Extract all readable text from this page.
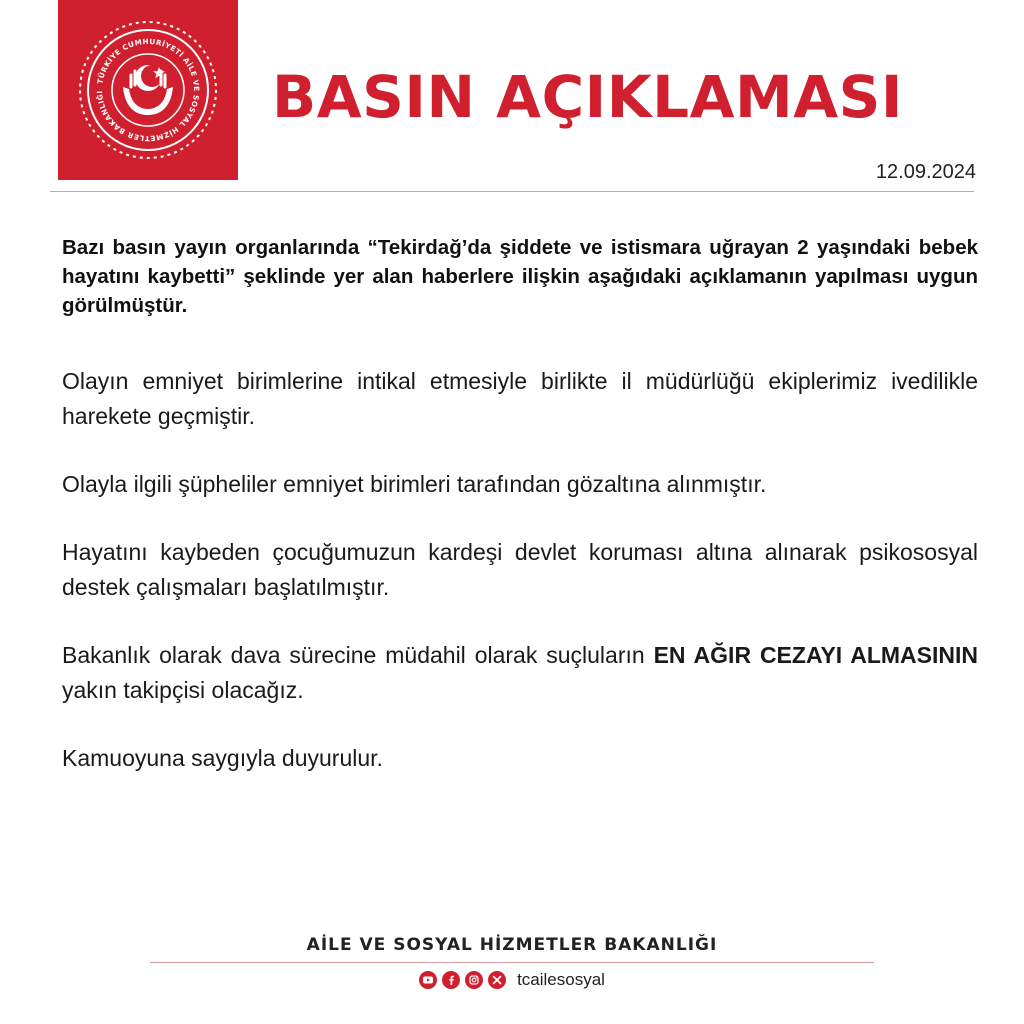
TÜRKİYE CUMHURİYETİ AİLE VE SOSYAL HİZMETLER BAKANLIĞI	BASIN AÇIKLAMASI
12.09.2024

Bazı basın yayın organlarında “Tekirdağ’da şiddete ve istismara uğrayan 2 yaşındaki bebek hayatını kaybetti” şeklinde yer alan haberlere ilişkin aşağıdaki açıklamanın yapılması uygun görülmüştür.

Olayın emniyet birimlerine intikal etmesiyle birlikte il müdürlüğü ekiplerimiz ivedilikle harekete geçmiştir.

Olayla ilgili şüpheliler emniyet birimleri tarafından gözaltına alınmıştır.

Hayatını kaybeden çocuğumuzun kardeşi devlet koruması altına alınarak psikososyal destek çalışmaları başlatılmıştır.

Bakanlık olarak dava sürecine müdahil olarak suçluların EN AĞIR CEZAYI ALMASININ yakın takipçisi olacağız.

Kamuoyuna saygıyla duyurulur.

AİLE VE SOSYAL HİZMETLER BAKANLIĞI
tcailesosyal
